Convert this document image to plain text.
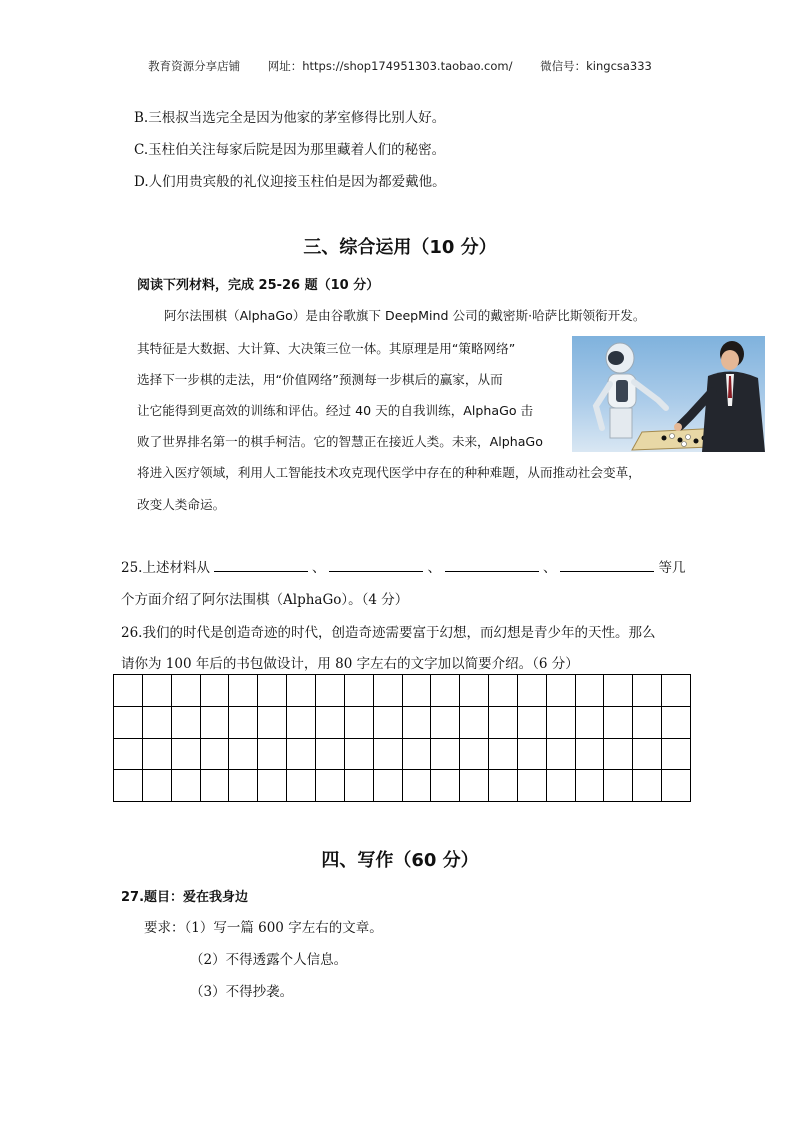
教育资源分享店铺 网址：https://shop174951303.taobao.com/ 微信号：kingcsa333
B.三根叔当选完全是因为他家的茅室修得比别人好。
C.玉柱伯关注每家后院是因为那里藏着人们的秘密。
D.人们用贵宾般的礼仪迎接玉柱伯是因为都爱戴他。
三、综合运用（10 分）
阅读下列材料，完成 25-26 题（10 分）
阿尔法围棋（AlphaGo）是由谷歌旗下 DeepMind 公司的戴密斯·哈萨比斯领衔开发。
其特征是大数据、大计算、大决策三位一体。其原理是用“策略网络”
选择下一步棋的走法，用“价值网络”预测每一步棋后的赢家，从而
让它能得到更高效的训练和评估。经过 40 天的自我训练，AlphaGo 击
败了世界排名第一的棋手柯洁。它的智慧正在接近人类。未来，AlphaGo
将进入医疗领域，利用人工智能技术攻克现代医学中存在的种种难题，从而推动社会变革，
改变人类命运。
25.上述材料从	、	、	、	等几
个方面介绍了阿尔法围棋（AlphaGo）。（4 分）
26.我们的时代是创造奇迹的时代，创造奇迹需要富于幻想，而幻想是青少年的天性。那么
请你为 100 年后的书包做设计，用 80 字左右的文字加以简要介绍。（6 分）
四、写作（60 分）
27.题目：爱在我身边
要求：（1）写一篇 600 字左右的文章。
（2）不得透露个人信息。
（3）不得抄袭。
